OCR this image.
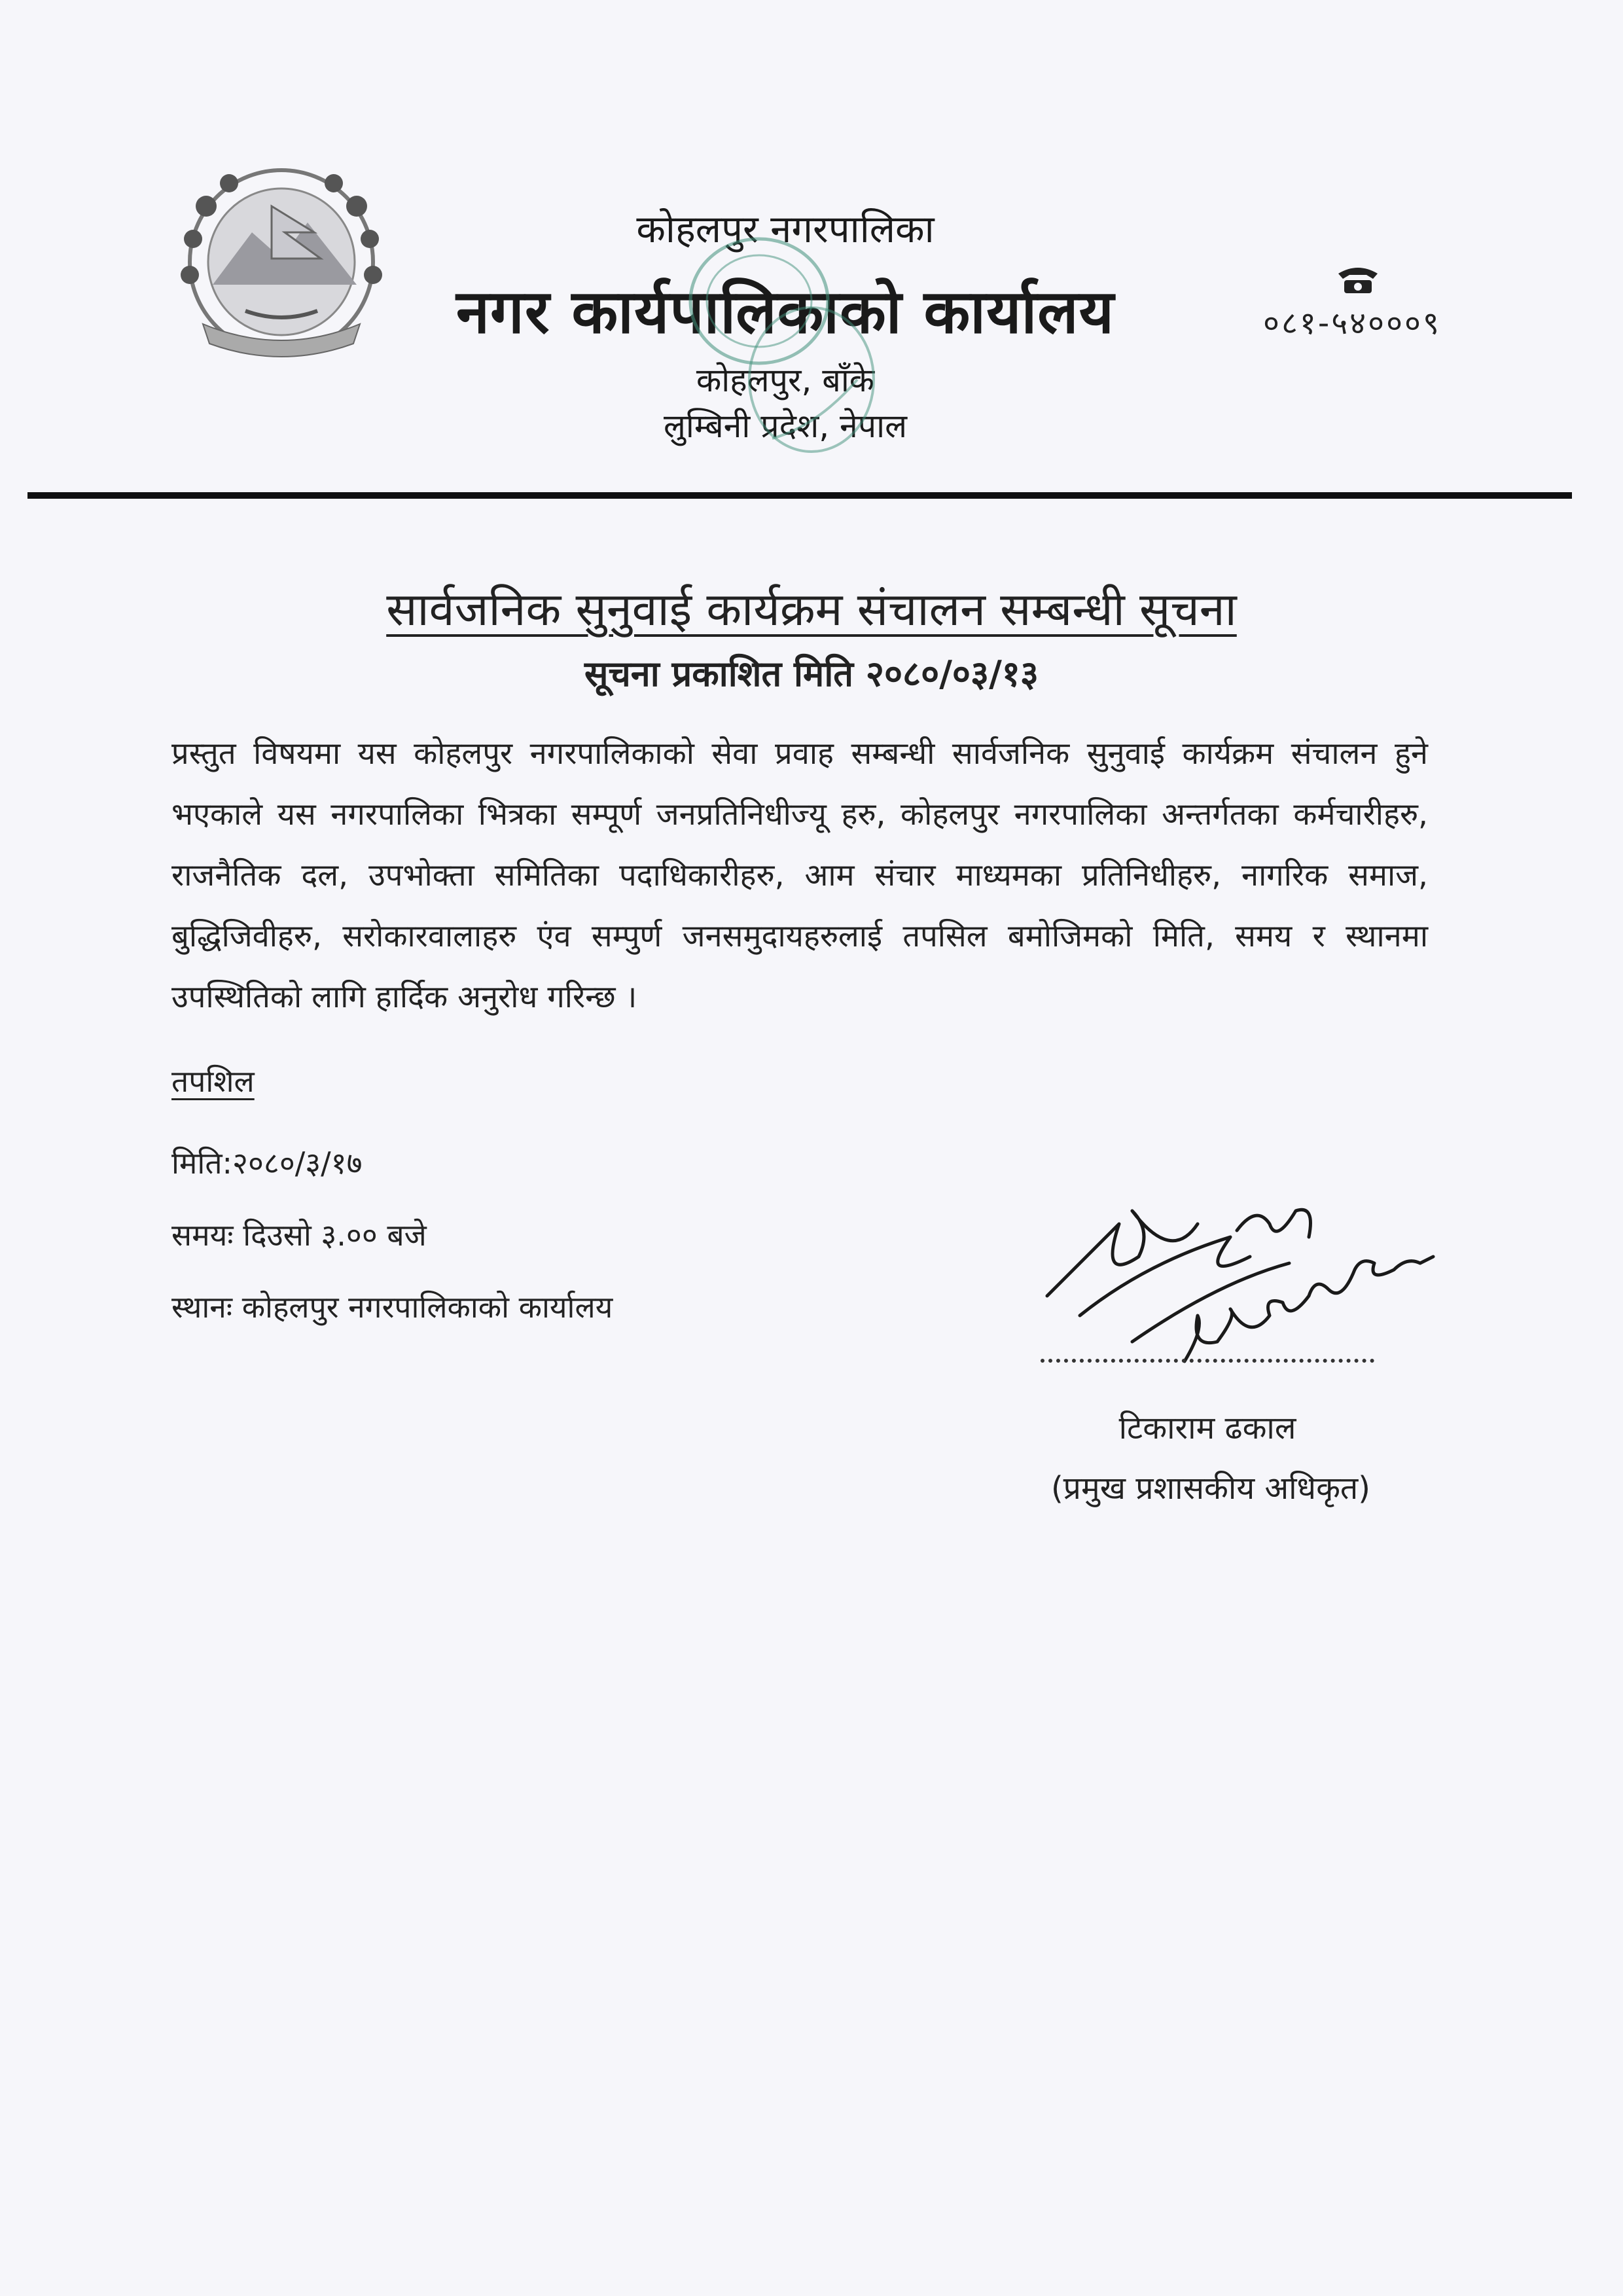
कोहलपुर नगरपालिका
नगर कार्यपालिकाको कार्यालय
कोहलपुर, बाँके
लुम्बिनी प्रदेश, नेपाल
०८१-५४०००९
सार्वजनिक सुनुवाई कार्यक्रम संचालन सम्बन्धी सूचना
सूचना प्रकाशित मिति २०८०/०३/१३
प्रस्तुत विषयमा यस कोहलपुर नगरपालिकाको सेवा प्रवाह सम्बन्धी सार्वजनिक सुनुवाई कार्यक्रम संचालन हुने भएकाले यस नगरपालिका भित्रका सम्पूर्ण जनप्रतिनिधीज्यू हरु, कोहलपुर नगरपालिका अन्तर्गतका कर्मचारीहरु, राजनैतिक दल, उपभोक्ता समितिका पदाधिकारीहरु, आम संचार माध्यमका प्रतिनिधीहरु, नागरिक समाज, बुद्धिजिवीहरु, सरोकारवालाहरु एंव सम्पुर्ण जनसमुदायहरुलाई तपसिल बमोजिमको मिति, समय र स्थानमा उपस्थितिको लागि हार्दिक अनुरोध गरिन्छ ।
तपशिल
मिति:२०८०/३/१७
समयः दिउसो ३.०० बजे
स्थानः कोहलपुर नगरपालिकाको कार्यालय
टिकाराम ढकाल
(प्रमुख प्रशासकीय अधिकृत)
